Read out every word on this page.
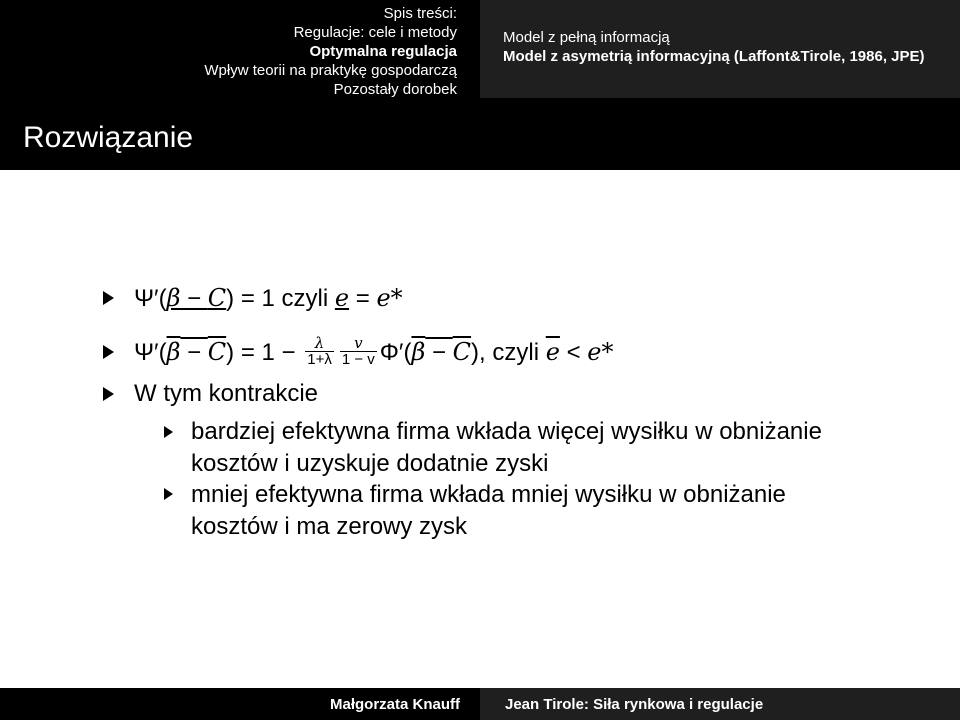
Spis treści:
Regulacje: cele i metody
Optymalna regulacja
Wpływ teorii na praktykę gospodarczą
Pozostały dorobek
Model z pełną informacją
Model z asymetrią informacyjną (Laffont&Tirole, 1986, JPE)
Rozwiązanie
Ψ′(β − C) = 1 czyli e = e*
$\Psi'(\beta - C) = 1 - \frac{\lambda}{1+\lambda} \frac{v}{1 - v} \Phi'(\beta - C)$, czyli $\overline{e} < e*$
W tym kontrakcie
bardziej efektywna firma wkłada więcej wysiłku w obniżanie
kosztów i uzyskuje dodatnie zyski
mniej efektywna firma wkłada mniej wysiłku w obniżanie
kosztów i ma zerowy zysk
Małgorzata Knauff	Jean Tirole: Siła rynkowa i regulacje
